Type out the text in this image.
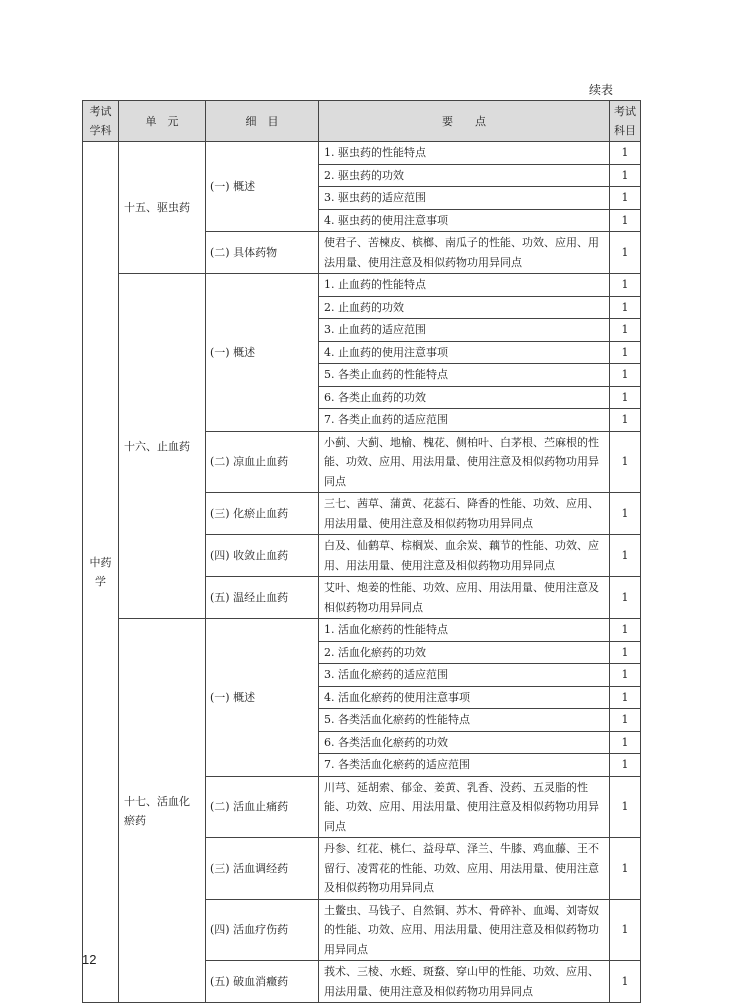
续表
考试学科	单　元	细　目	要　　点	考试科目
中药学	十五、驱虫药	(一) 概述	1. 驱虫药的性能特点	1
			2. 驱虫药的功效	1
			3. 驱虫药的适应范围	1
			4. 驱虫药的使用注意事项	1
		(二) 具体药物	使君子、苦楝皮、槟榔、南瓜子的性能、功效、应用、用法用量、使用注意及相似药物功用异同点	1
	十六、止血药	(一) 概述	1. 止血药的性能特点	1
			2. 止血药的功效	1
			3. 止血药的适应范围	1
			4. 止血药的使用注意事项	1
			5. 各类止血药的性能特点	1
			6. 各类止血药的功效	1
			7. 各类止血药的适应范围	1
		(二) 凉血止血药	小蓟、大蓟、地榆、槐花、侧柏叶、白茅根、苎麻根的性能、功效、应用、用法用量、使用注意及相似药物功用异同点	1
		(三) 化瘀止血药	三七、茜草、蒲黄、花蕊石、降香的性能、功效、应用、用法用量、使用注意及相似药物功用异同点	1
		(四) 收敛止血药	白及、仙鹤草、棕榈炭、血余炭、藕节的性能、功效、应用、用法用量、使用注意及相似药物功用异同点	1
		(五) 温经止血药	艾叶、炮姜的性能、功效、应用、用法用量、使用注意及相似药物功用异同点	1
	十七、活血化瘀药	(一) 概述	1. 活血化瘀药的性能特点	1
			2. 活血化瘀药的功效	1
			3. 活血化瘀药的适应范围	1
			4. 活血化瘀药的使用注意事项	1
			5. 各类活血化瘀药的性能特点	1
			6. 各类活血化瘀药的功效	1
			7. 各类活血化瘀药的适应范围	1
		(二) 活血止痛药	川芎、延胡索、郁金、姜黄、乳香、没药、五灵脂的性能、功效、应用、用法用量、使用注意及相似药物功用异同点	1
		(三) 活血调经药	丹参、红花、桃仁、益母草、泽兰、牛膝、鸡血藤、王不留行、凌霄花的性能、功效、应用、用法用量、使用注意及相似药物功用异同点	1
		(四) 活血疗伤药	土鳖虫、马钱子、自然铜、苏木、骨碎补、血竭、刘寄奴的性能、功效、应用、用法用量、使用注意及相似药物功用异同点	1
		(五) 破血消癥药	莪术、三棱、水蛭、斑蝥、穿山甲的性能、功效、应用、用法用量、使用注意及相似药物功用异同点	1
12
